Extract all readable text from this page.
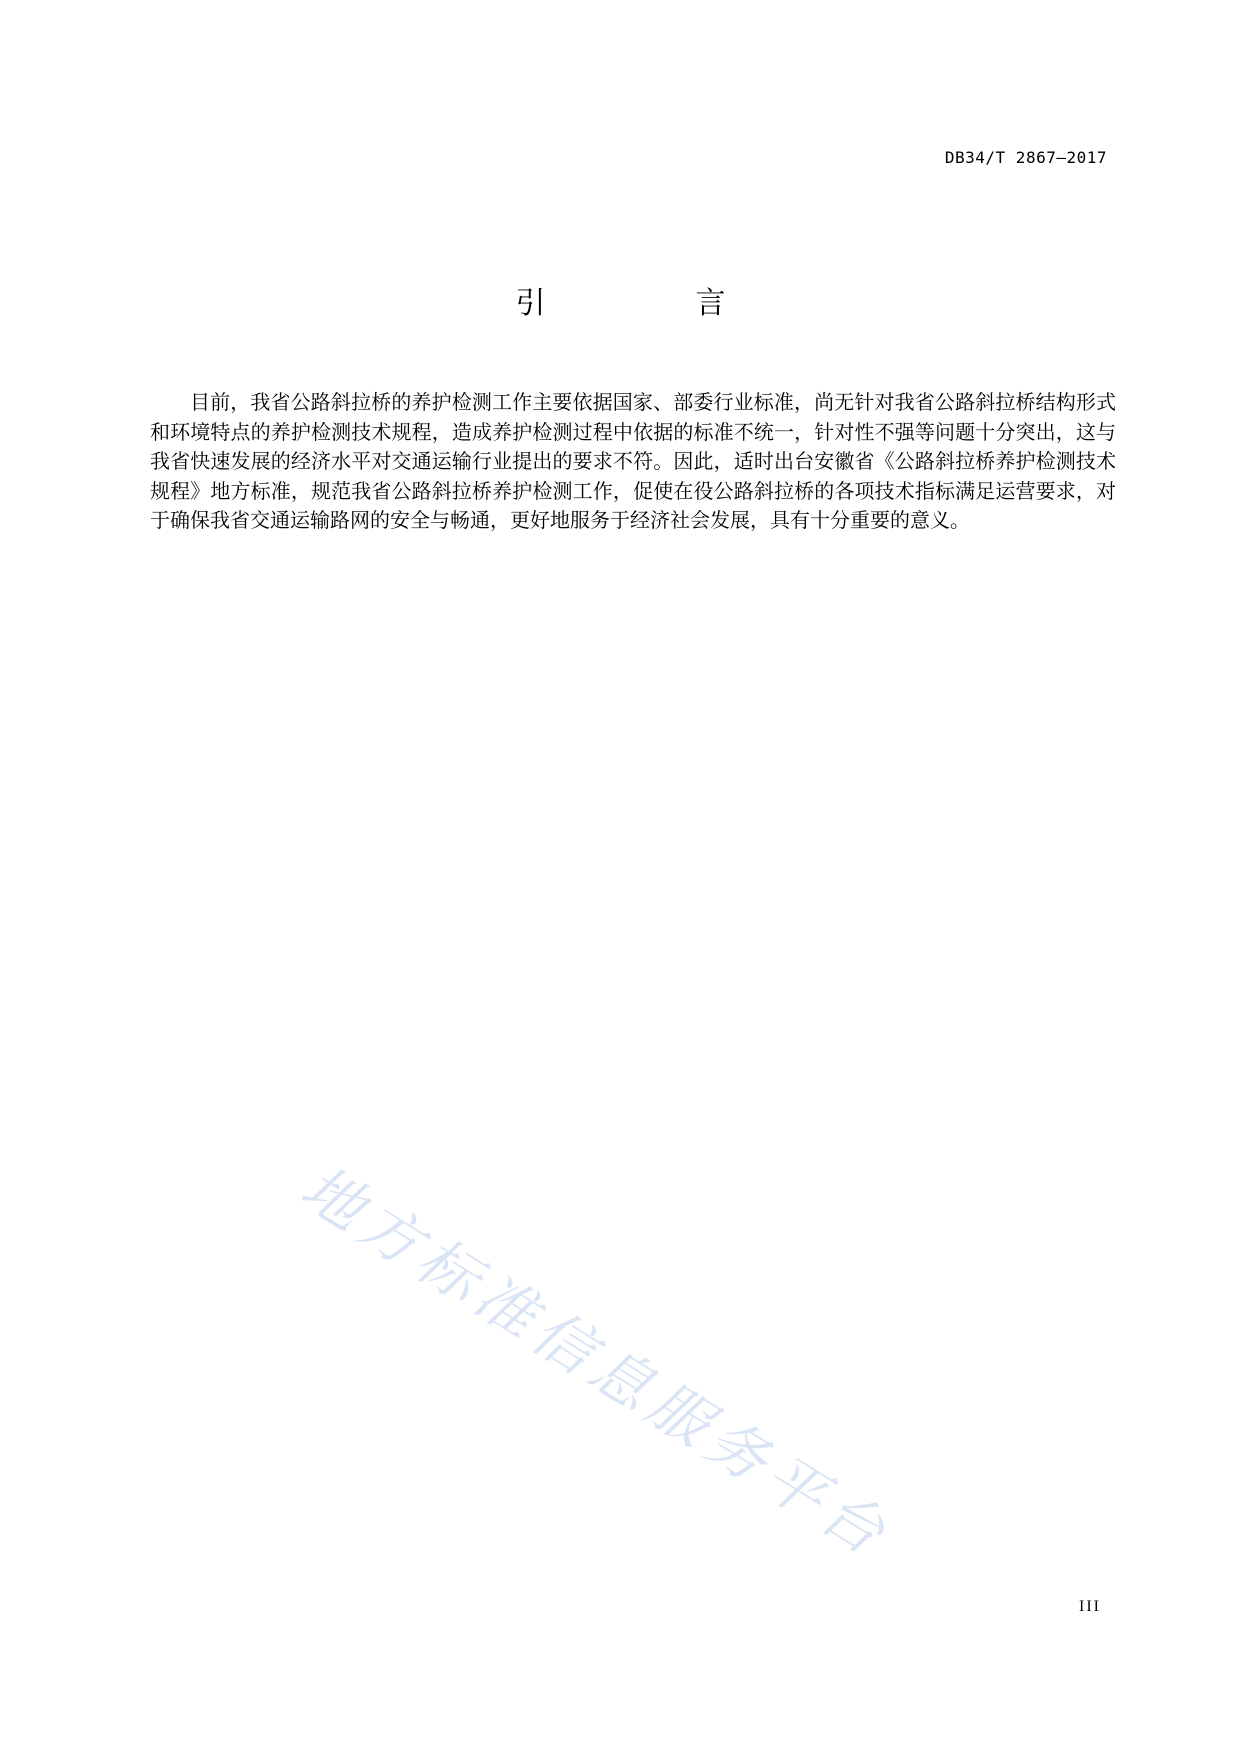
DB34/T 2867—2017
引　言
目前，我省公路斜拉桥的养护检测工作主要依据国家、部委行业标准，尚无针对我省公路斜拉桥结构形式和环境特点的养护检测技术规程，造成养护检测过程中依据的标准不统一，针对性不强等问题十分突出，这与我省快速发展的经济水平对交通运输行业提出的要求不符。因此，适时出台安徽省《公路斜拉桥养护检测技术规程》地方标准，规范我省公路斜拉桥养护检测工作，促使在役公路斜拉桥的各项技术指标满足运营要求，对于确保我省交通运输路网的安全与畅通，更好地服务于经济社会发展，具有十分重要的意义。
地方标准信息服务平台
III
